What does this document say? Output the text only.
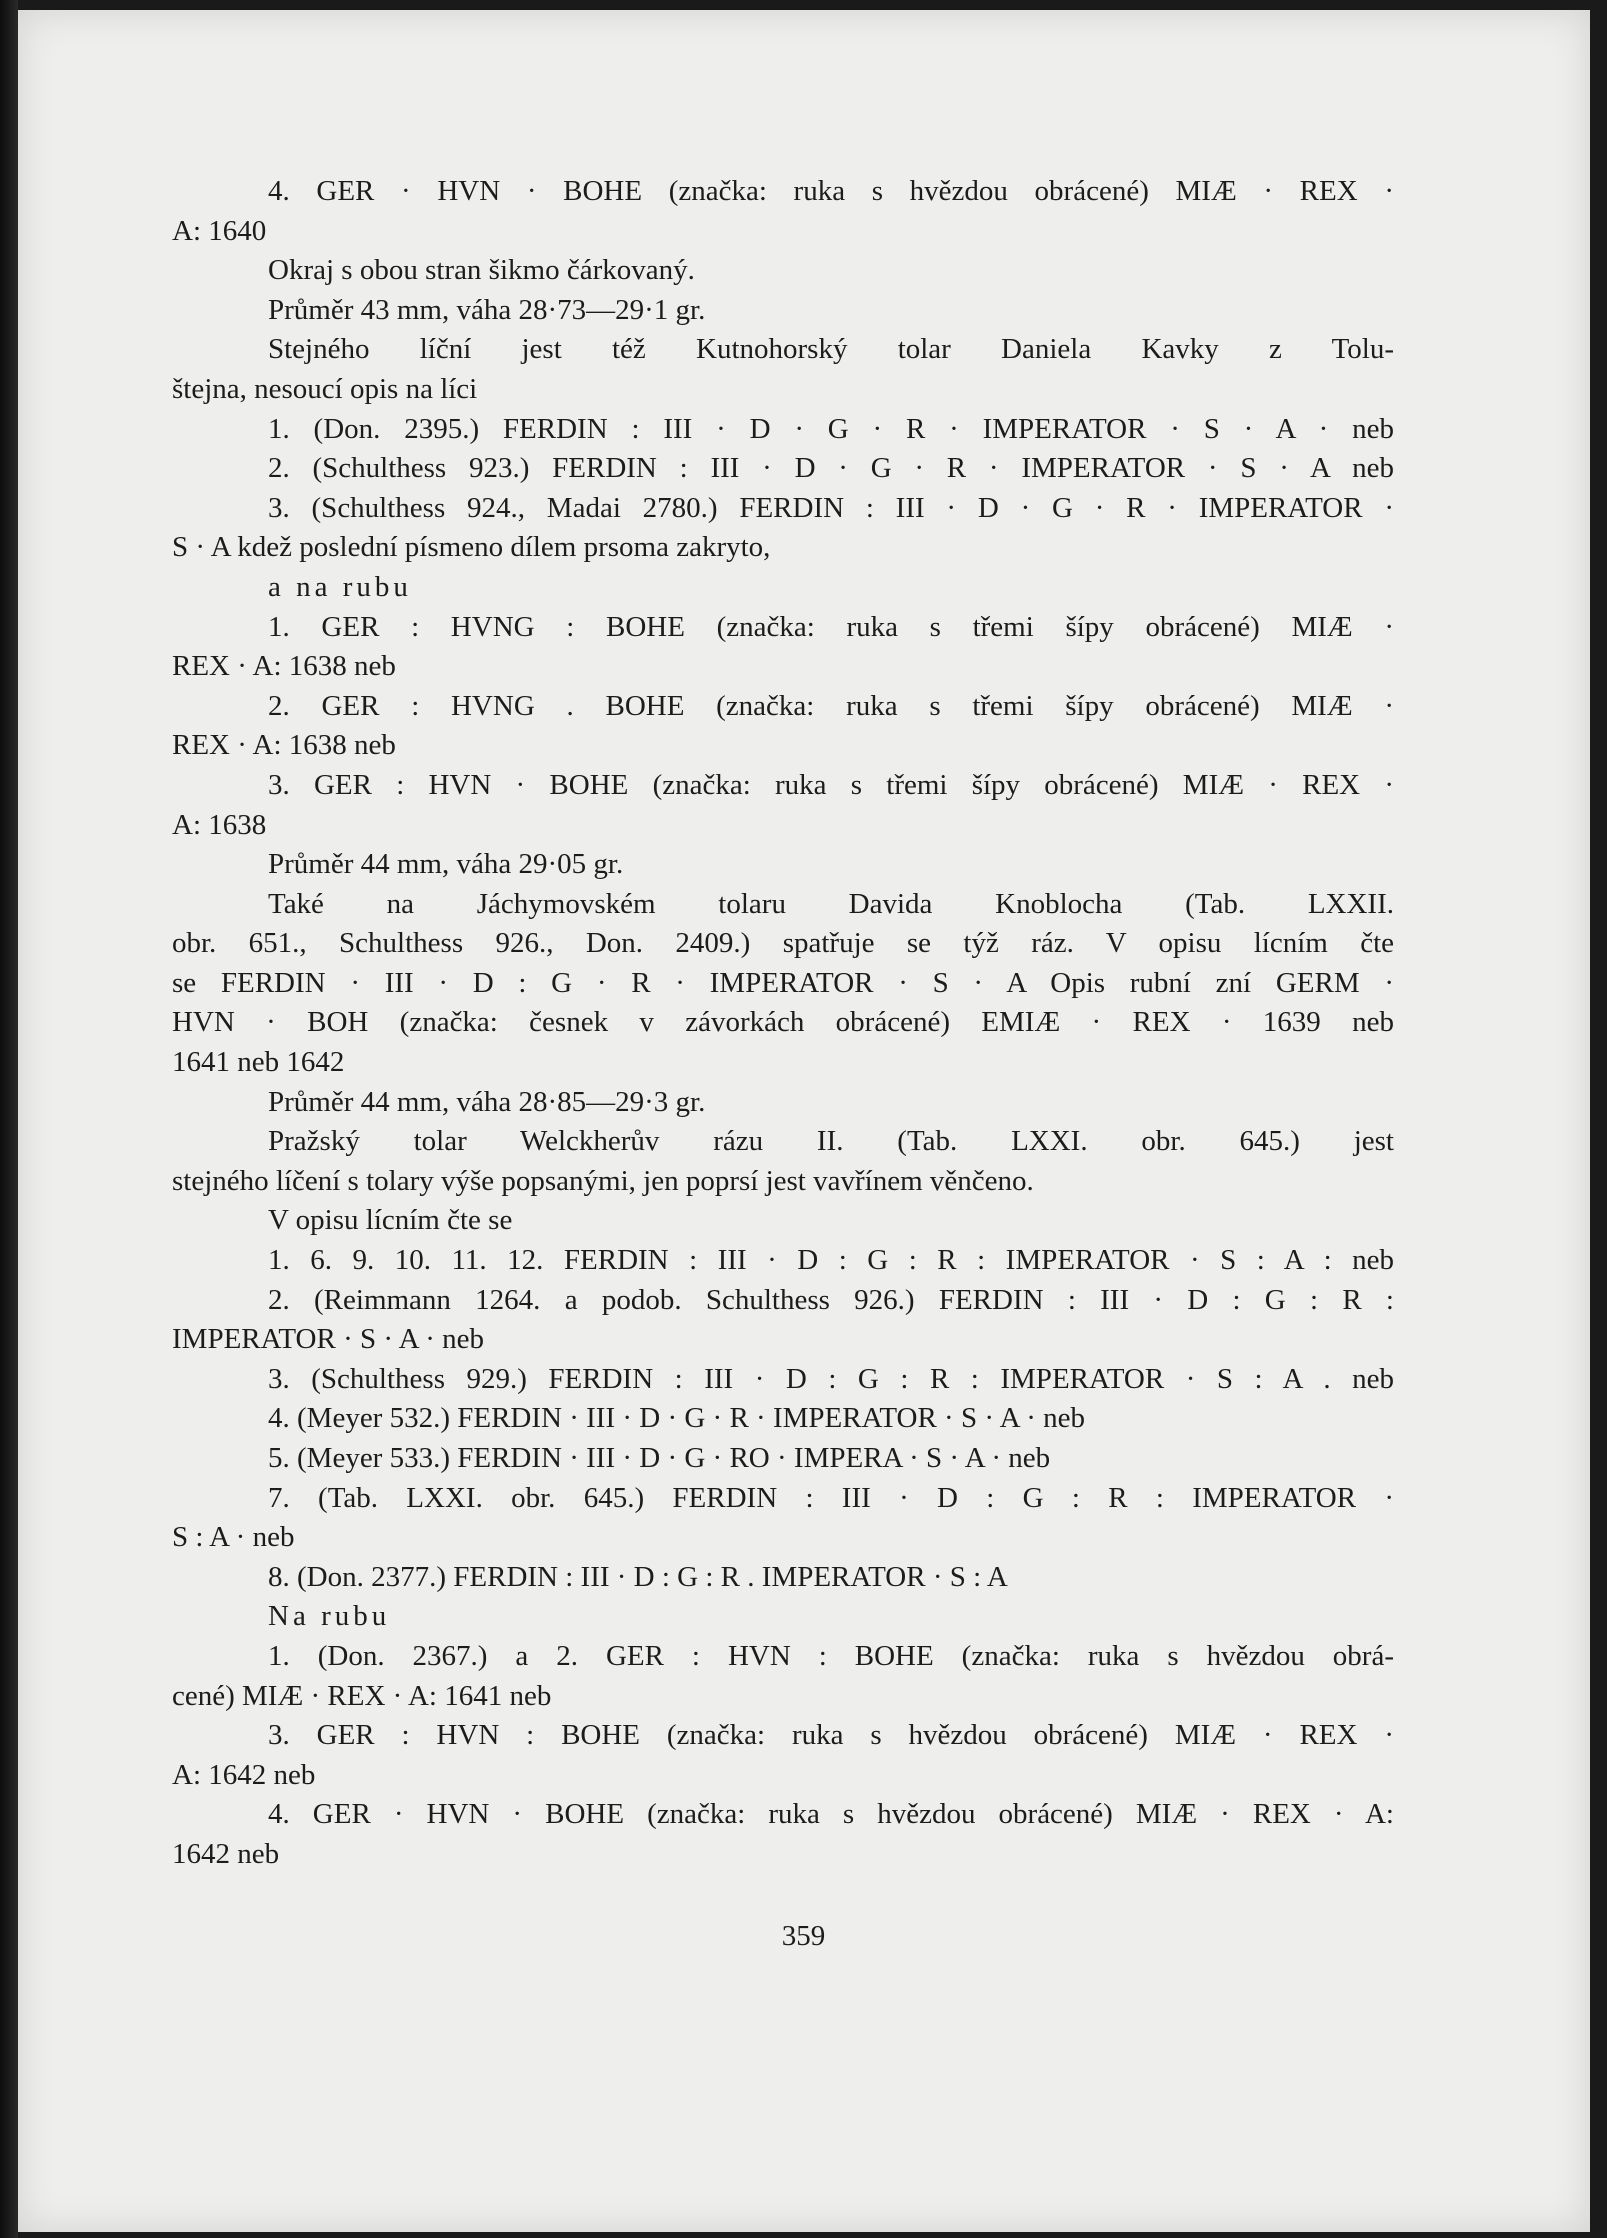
4. GER · HVN · BOHE (značka: ruka s hvězdou obrácené) MIÆ · REX ·
A: 1640
Okraj s obou stran šikmo čárkovaný.
Průměr 43 mm, váha 28·73—29·1 gr.
Stejného líční jest též Kutnohorský tolar Daniela Kavky z Tolu-
štejna, nesoucí opis na líci
1. (Don. 2395.) FERDIN : III · D · G · R · IMPERATOR · S · A · neb
2. (Schulthess 923.) FERDIN : III · D · G · R · IMPERATOR · S · A neb
3. (Schulthess 924., Madai 2780.) FERDIN : III · D · G · R · IMPERATOR ·
S · A kdež poslední písmeno dílem prsoma zakryto,
a na rubu
1. GER : HVNG : BOHE (značka: ruka s třemi šípy obrácené) MIÆ ·
REX · A: 1638 neb
2. GER : HVNG . BOHE (značka: ruka s třemi šípy obrácené) MIÆ ·
REX · A: 1638 neb
3. GER : HVN · BOHE (značka: ruka s třemi šípy obrácené) MIÆ · REX ·
A: 1638
Průměr 44 mm, váha 29·05 gr.
Také na Jáchymovském tolaru Davida Knoblocha (Tab. LXXII.
obr. 651., Schulthess 926., Don. 2409.) spatřuje se týž ráz. V opisu lícním čte
se FERDIN · III · D : G · R · IMPERATOR · S · A Opis rubní zní GERM ·
HVN · BOH (značka: česnek v závorkách obrácené) EMIÆ · REX · 1639 neb
1641 neb 1642
Průměr 44 mm, váha 28·85—29·3 gr.
Pražský tolar Welckherův rázu II. (Tab. LXXI. obr. 645.) jest
stejného líčení s tolary výše popsanými, jen poprsí jest vavřínem věnčeno.
V opisu lícním čte se
1. 6. 9. 10. 11. 12. FERDIN : III · D : G : R : IMPERATOR · S : A : neb
2. (Reimmann 1264. a podob. Schulthess 926.) FERDIN : III · D : G : R :
IMPERATOR · S · A · neb
3. (Schulthess 929.) FERDIN : III · D : G : R : IMPERATOR · S : A . neb
4. (Meyer 532.) FERDIN · III · D · G · R · IMPERATOR · S · A · neb
5. (Meyer 533.) FERDIN · III · D · G · RO · IMPERA · S · A · neb
7. (Tab. LXXI. obr. 645.) FERDIN : III · D : G : R : IMPERATOR ·
S : A · neb
8. (Don. 2377.) FERDIN : III · D : G : R . IMPERATOR · S : A
Na rubu
1. (Don. 2367.) a 2. GER : HVN : BOHE (značka: ruka s hvězdou obrá-
cené) MIÆ · REX · A: 1641 neb
3. GER : HVN : BOHE (značka: ruka s hvězdou obrácené) MIÆ · REX ·
A: 1642 neb
4. GER · HVN · BOHE (značka: ruka s hvězdou obrácené) MIÆ · REX · A:
1642 neb
359
